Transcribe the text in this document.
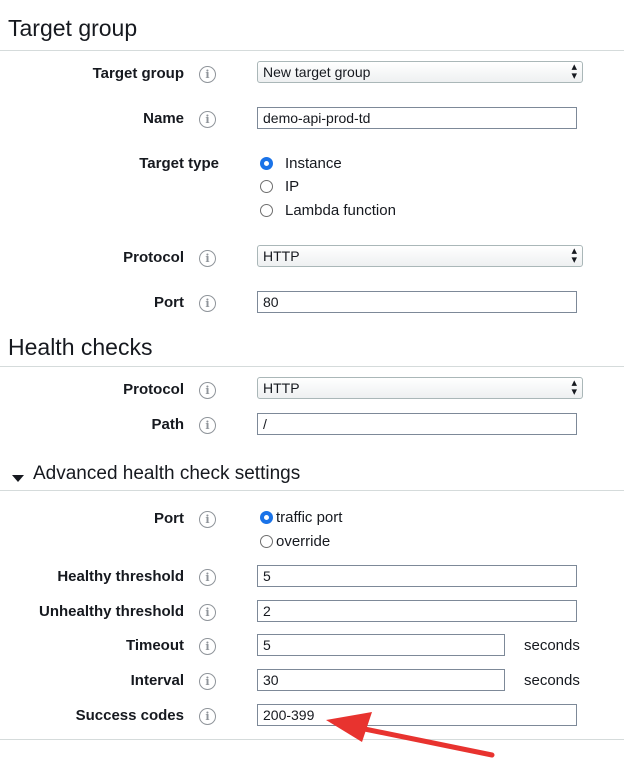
Target group
Target group	i	New target group	▴
▾
Name	i	demo-api-prod-td
Target type	Instance
IP
Lambda function
Protocol	i	HTTP	▴
▾
Port	i	80
Health checks
Protocol	i	HTTP	▴
▾
Path	i	/
Advanced health check settings
Port	i	traffic port
override
Healthy threshold	i	5
Unhealthy threshold	i	2
Timeout	i	5	seconds
Interval	i	30	seconds
Success codes	i	200-399
